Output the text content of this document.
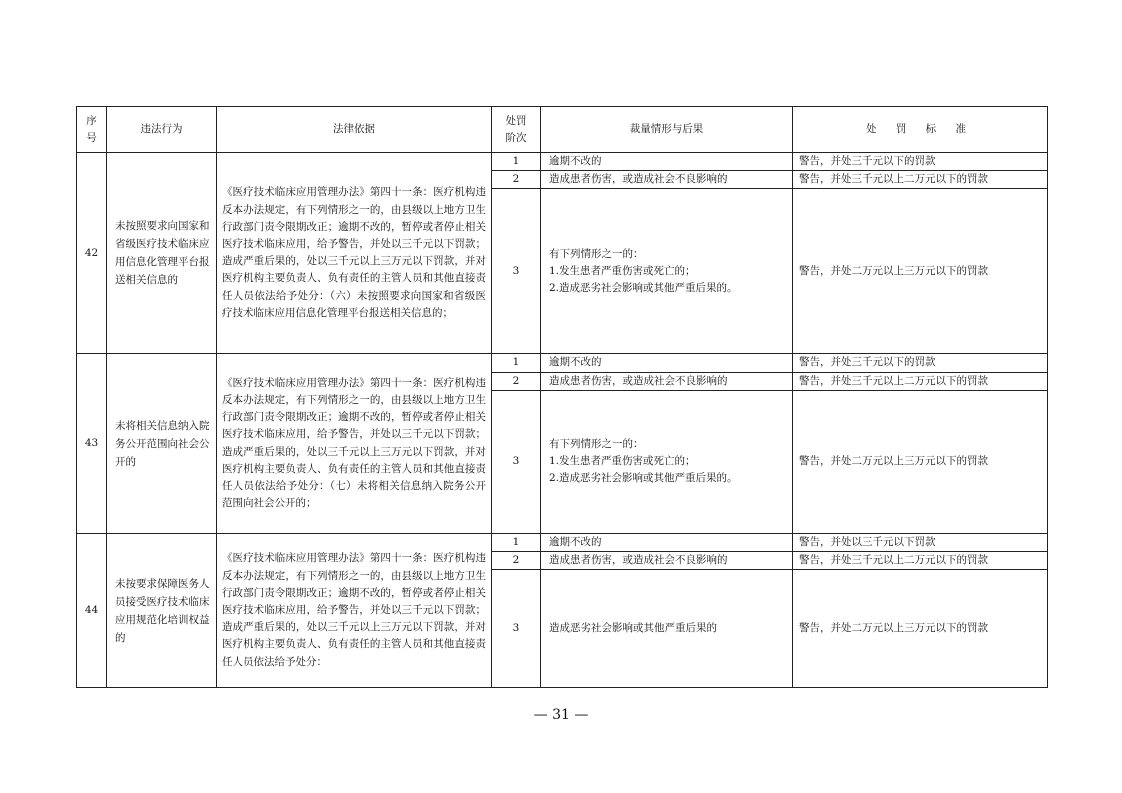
序号	违法行为	法律依据	处罚阶次	裁量情形与后果	处 罚 标 准
42	未按照要求向国家和省级医疗技术临床应用信息化管理平台报送相关信息的	《医疗技术临床应用管理办法》第四十一条：医疗机构违反本办法规定，有下列情形之一的，由县级以上地方卫生行政部门责令限期改正；逾期不改的，暂停或者停止相关医疗技术临床应用，给予警告，并处以三千元以下罚款；造成严重后果的，处以三千元以上三万元以下罚款，并对医疗机构主要负责人、负有责任的主管人员和其他直接责任人员依法给予处分：（六）未按照要求向国家和省级医疗技术临床应用信息化管理平台报送相关信息的；	1	逾期不改的	警告，并处三千元以下的罚款
			2	造成患者伤害，或造成社会不良影响的	警告，并处三千元以上二万元以下的罚款
			3	有下列情形之一的：
1.发生患者严重伤害或死亡的；
2.造成恶劣社会影响或其他严重后果的。	警告，并处二万元以上三万元以下的罚款
43	未将相关信息纳入院务公开范围向社会公开的	《医疗技术临床应用管理办法》第四十一条：医疗机构违反本办法规定，有下列情形之一的，由县级以上地方卫生行政部门责令限期改正；逾期不改的，暂停或者停止相关医疗技术临床应用，给予警告，并处以三千元以下罚款；造成严重后果的，处以三千元以上三万元以下罚款，并对医疗机构主要负责人、负有责任的主管人员和其他直接责任人员依法给予处分：（七）未将相关信息纳入院务公开范围向社会公开的；	1	逾期不改的	警告，并处三千元以下的罚款
			2	造成患者伤害，或造成社会不良影响的	警告，并处三千元以上二万元以下的罚款
			3	有下列情形之一的：
1.发生患者严重伤害或死亡的；
2.造成恶劣社会影响或其他严重后果的。	警告，并处二万元以上三万元以下的罚款
44	未按要求保障医务人员接受医疗技术临床应用规范化培训权益的	《医疗技术临床应用管理办法》第四十一条：医疗机构违反本办法规定，有下列情形之一的，由县级以上地方卫生行政部门责令限期改正；逾期不改的，暂停或者停止相关医疗技术临床应用，给予警告，并处以三千元以下罚款；造成严重后果的，处以三千元以上三万元以下罚款，并对医疗机构主要负责人、负有责任的主管人员和其他直接责任人员依法给予处分：	1	逾期不改的	警告，并处以三千元以下罚款
			2	造成患者伤害，或造成社会不良影响的	警告，并处三千元以上二万元以下的罚款
			3	造成恶劣社会影响或其他严重后果的	警告，并处二万元以上三万元以下的罚款
— 31 —
